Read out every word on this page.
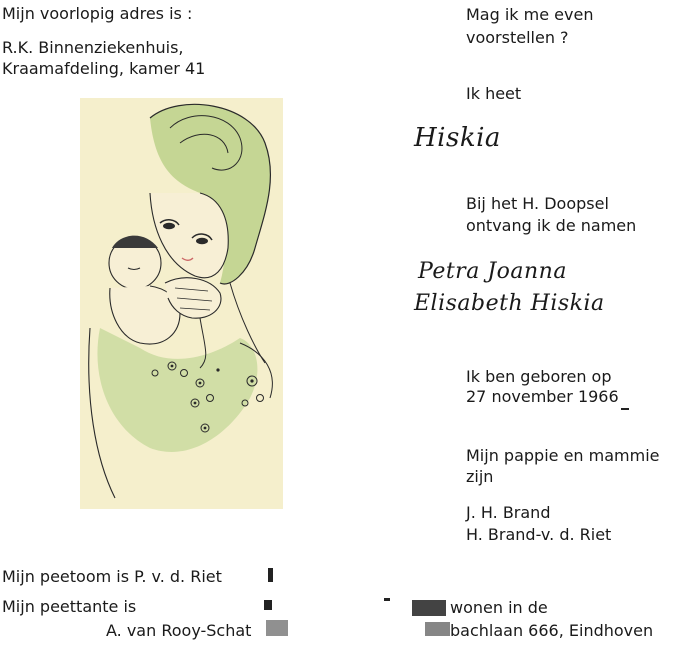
Mijn voorlopig adres is :
R.K. Binnenziekenhuis,
Kraamafdeling, kamer 41
Mag ik me even
voorstellen ?
Ik heet
Hiskia
Bij het H. Doopsel
ontvang ik de namen
Petra Joanna
Elisabeth Hiskia
Ik ben geboren op
27 november 1966
Mijn pappie en mammie
zijn
J. H. Brand
H. Brand-v. d. Riet
Mijn peetoom is P. v. d. Riet
Mijn peettante is
A. van Rooy-Schat
wonen in de
bachlaan 666, Eindhoven
